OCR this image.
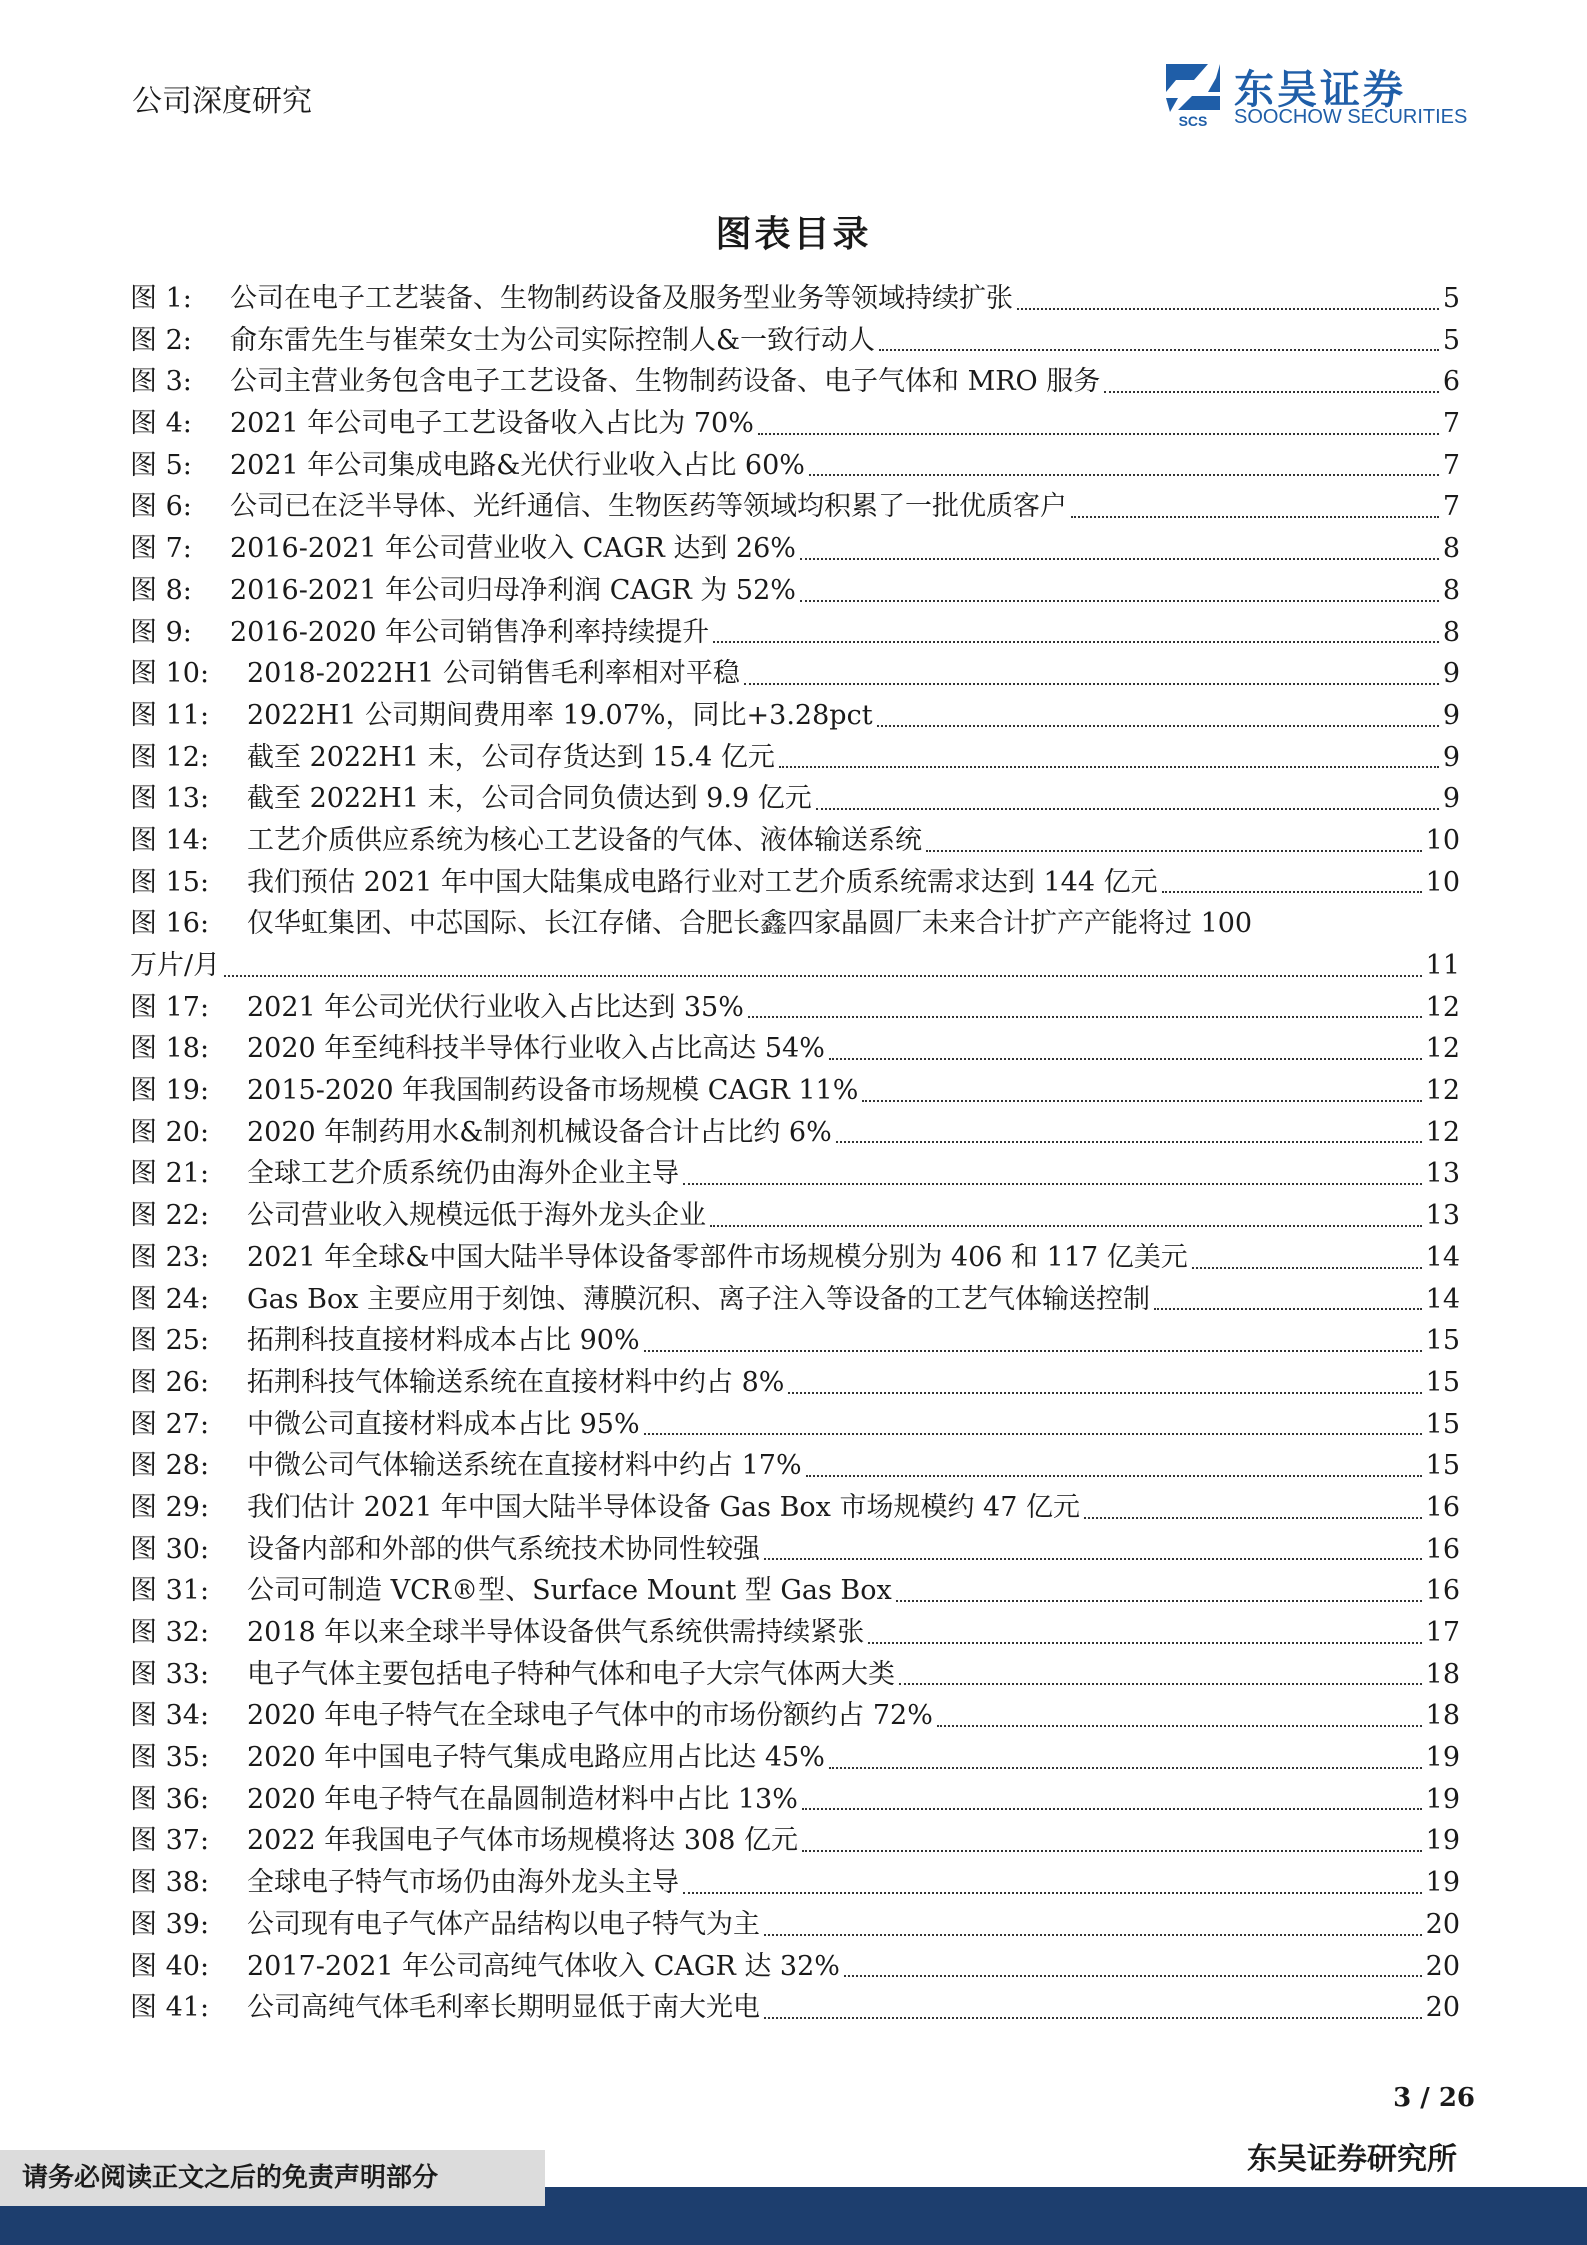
公司深度研究
SCS
东吴证券
SOOCHOW SECURITIES
图表目录
图 1:	公司在电子工艺装备、生物制药设备及服务型业务等领域持续扩张	5
图 2:	俞东雷先生与崔荣女士为公司实际控制人&一致行动人	5
图 3:	公司主营业务包含电子工艺设备、生物制药设备、电子气体和 MRO 服务	6
图 4:	2021 年公司电子工艺设备收入占比为 70%	7
图 5:	2021 年公司集成电路&光伏行业收入占比 60%	7
图 6:	公司已在泛半导体、光纤通信、生物医药等领域均积累了一批优质客户	7
图 7:	2016-2021 年公司营业收入 CAGR 达到 26%	8
图 8:	2016-2021 年公司归母净利润 CAGR 为 52%	8
图 9:	2016-2020 年公司销售净利率持续提升	8
图 10:	2018-2022H1 公司销售毛利率相对平稳	9
图 11:	2022H1 公司期间费用率 19.07%，同比+3.28pct	9
图 12:	截至 2022H1 末，公司存货达到 15.4 亿元	9
图 13:	截至 2022H1 末，公司合同负债达到 9.9 亿元	9
图 14:	工艺介质供应系统为核心工艺设备的气体、液体输送系统	10
图 15:	我们预估 2021 年中国大陆集成电路行业对工艺介质系统需求达到 144 亿元	10
图 16:	仅华虹集团、中芯国际、长江存储、合肥长鑫四家晶圆厂未来合计扩产产能将过 100
万片/月	11
图 17:	2021 年公司光伏行业收入占比达到 35%	12
图 18:	2020 年至纯科技半导体行业收入占比高达 54%	12
图 19:	2015-2020 年我国制药设备市场规模 CAGR 11%	12
图 20:	2020 年制药用水&制剂机械设备合计占比约 6%	12
图 21:	全球工艺介质系统仍由海外企业主导	13
图 22:	公司营业收入规模远低于海外龙头企业	13
图 23:	2021 年全球&中国大陆半导体设备零部件市场规模分别为 406 和 117 亿美元	14
图 24:	Gas Box 主要应用于刻蚀、薄膜沉积、离子注入等设备的工艺气体输送控制	14
图 25:	拓荆科技直接材料成本占比 90%	15
图 26:	拓荆科技气体输送系统在直接材料中约占 8%	15
图 27:	中微公司直接材料成本占比 95%	15
图 28:	中微公司气体输送系统在直接材料中约占 17%	15
图 29:	我们估计 2021 年中国大陆半导体设备 Gas Box 市场规模约 47 亿元	16
图 30:	设备内部和外部的供气系统技术协同性较强	16
图 31:	公司可制造 VCR®型、Surface Mount 型 Gas Box	16
图 32:	2018 年以来全球半导体设备供气系统供需持续紧张	17
图 33:	电子气体主要包括电子特种气体和电子大宗气体两大类	18
图 34:	2020 年电子特气在全球电子气体中的市场份额约占 72%	18
图 35:	2020 年中国电子特气集成电路应用占比达 45%	19
图 36:	2020 年电子特气在晶圆制造材料中占比 13%	19
图 37:	2022 年我国电子气体市场规模将达 308 亿元	19
图 38:	全球电子特气市场仍由海外龙头主导	19
图 39:	公司现有电子气体产品结构以电子特气为主	20
图 40:	2017-2021 年公司高纯气体收入 CAGR 达 32%	20
图 41:	公司高纯气体毛利率长期明显低于南大光电	20
3 / 26
请务必阅读正文之后的免责声明部分
东吴证券研究所
